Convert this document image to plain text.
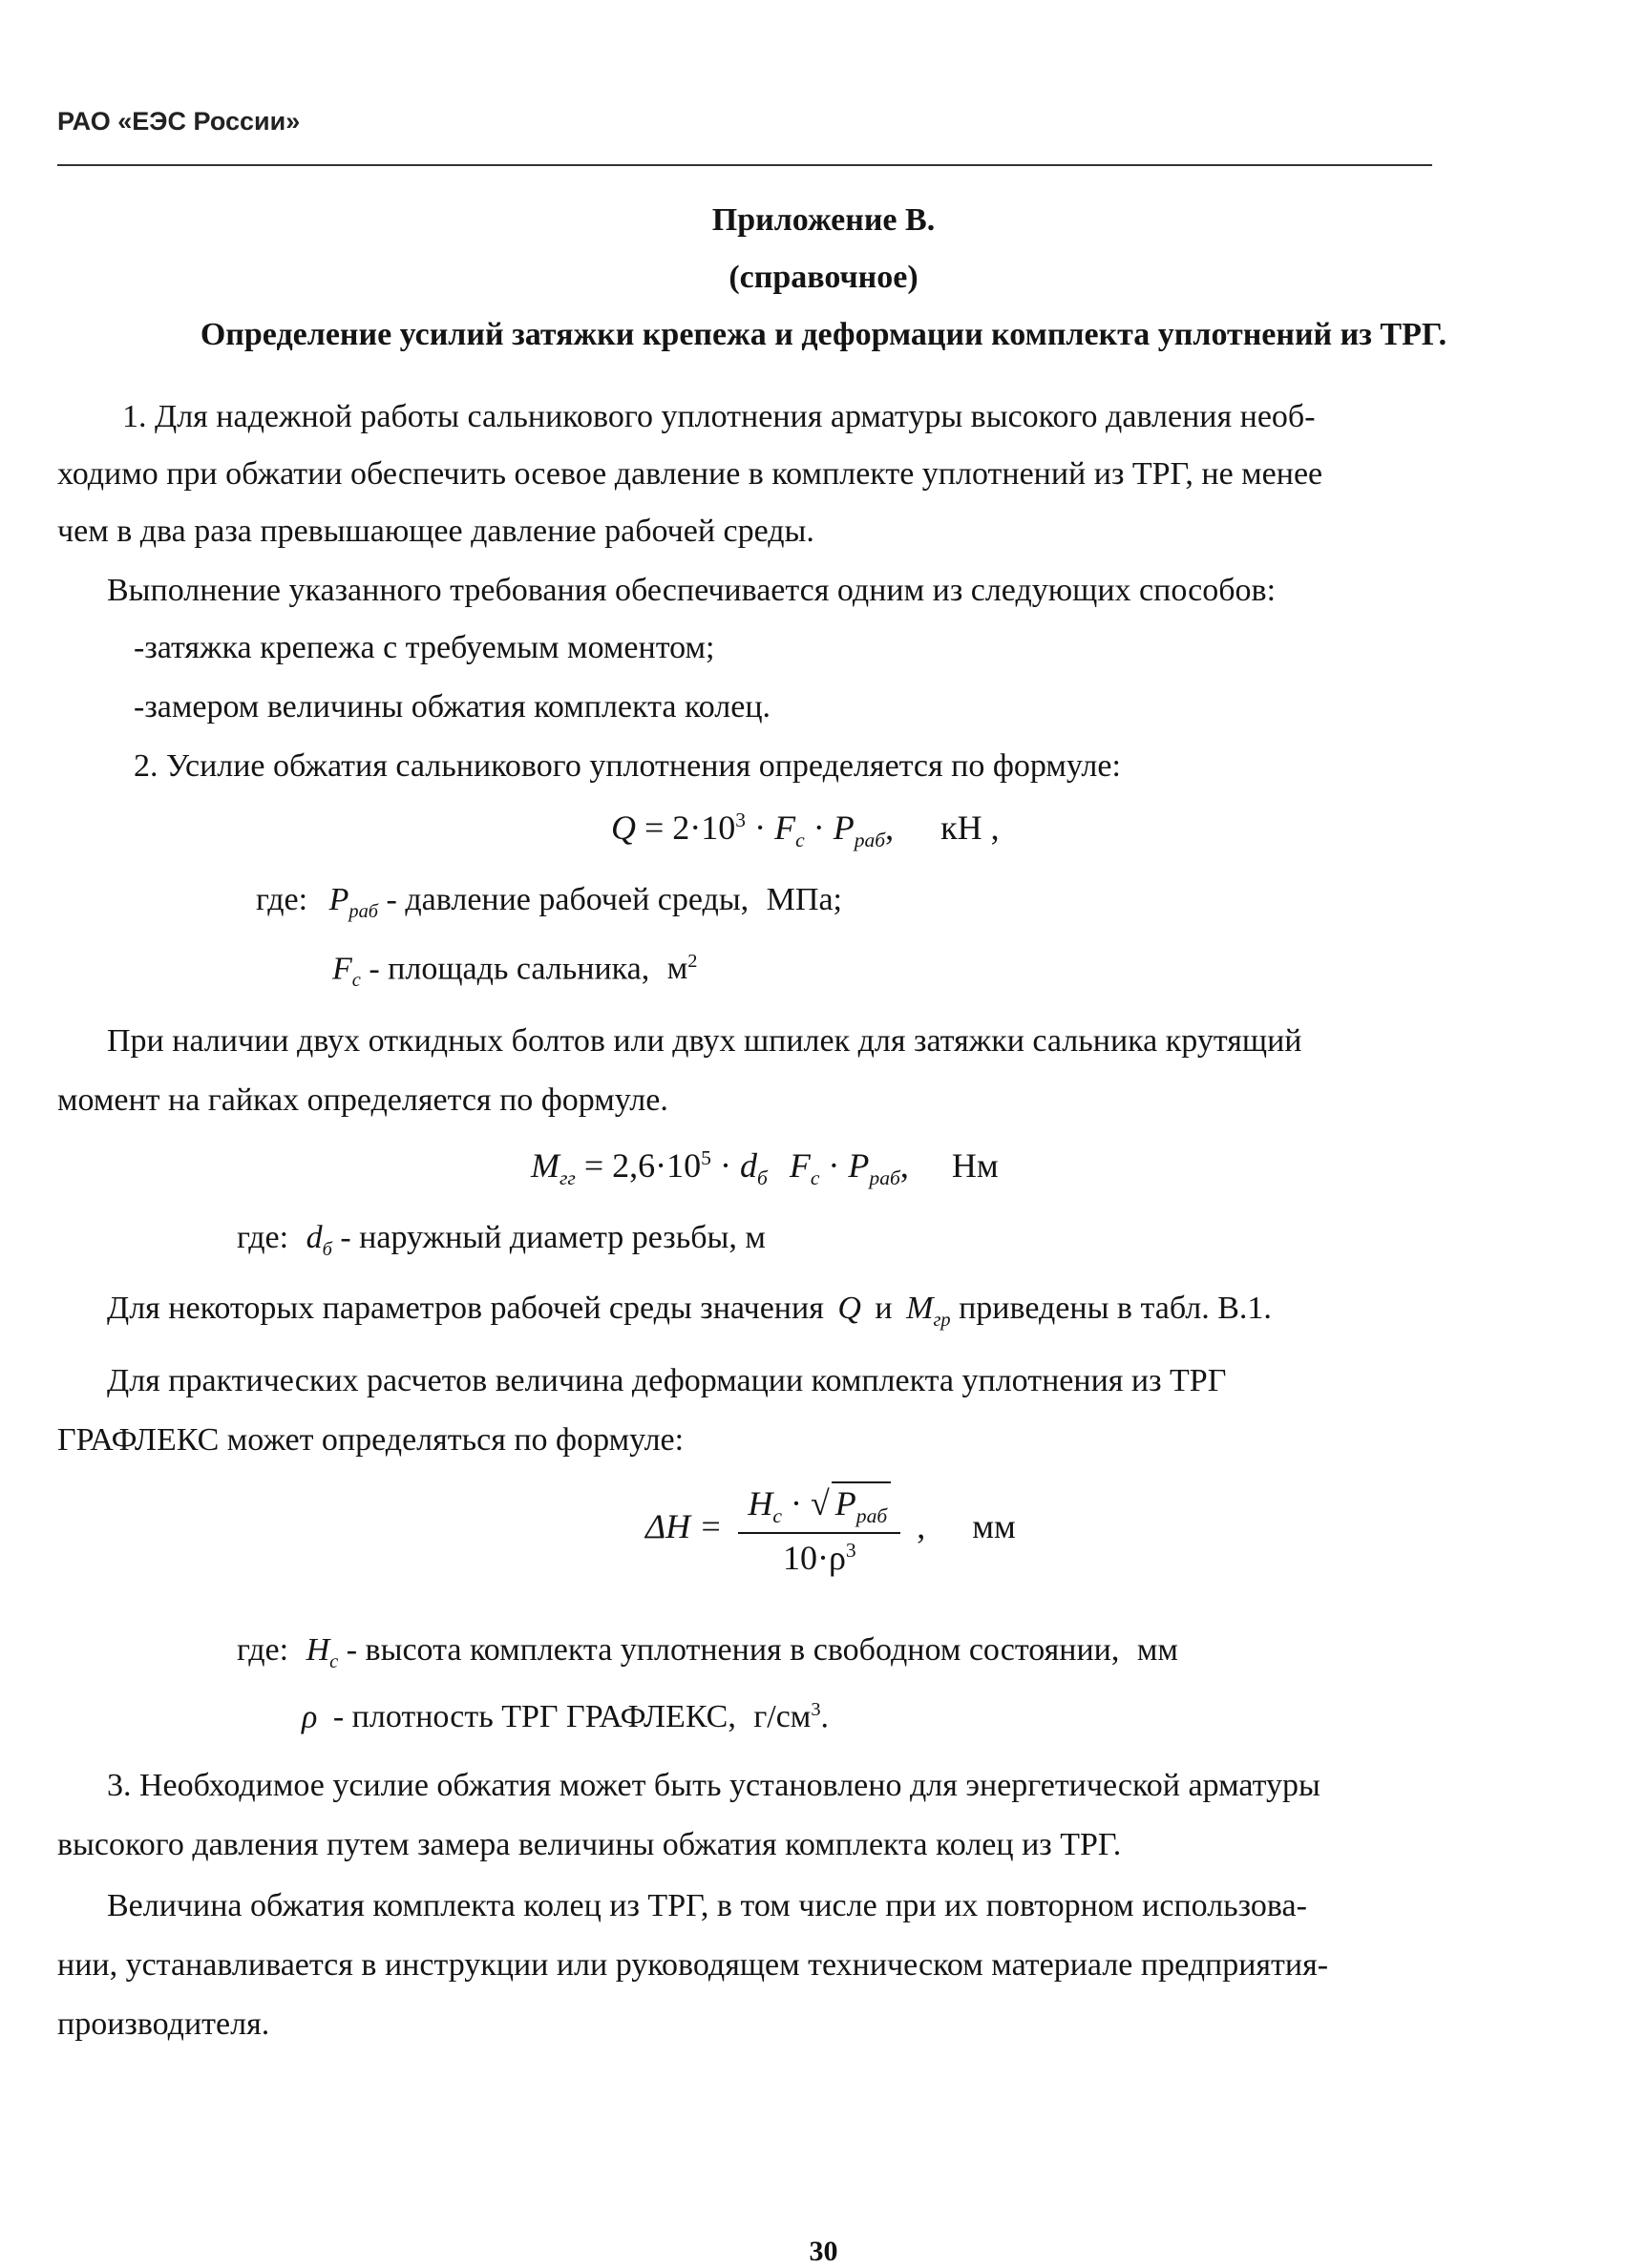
РАО «ЕЭС России»
Приложение В.
(справочное)
Определение усилий затяжки крепежа и деформации комплекта уплотнений из ТРГ.
1. Для надежной работы сальникового уплотнения арматуры высокого давления необ-
ходимо при обжатии обеспечить осевое давление в комплекте уплотнений из ТРГ, не менее
чем в два раза превышающее давление рабочей среды.
Выполнение указанного требования обеспечивается одним из следующих способов:
-затяжка крепежа с требуемым моментом;
-замером величины обжатия комплекта колец.
2. Усилие обжатия сальникового уплотнения определяется по формуле:
$Q = 2\cdot 10^3 \cdot F_c \cdot P_{раб}$, кН ,
где: $P_{раб}$ - давление рабочей среды, МПа;
$F_c$ - площадь сальника, $м^2$
При наличии двух откидных болтов или двух шпилек для затяжки сальника крутящий
момент на гайках определяется по формуле.
$M_{гг} = 2,6\cdot 10^5 \cdot d_б$ $F_c \cdot P_{раб}$, Нм
где: $d_б$ - наружный диаметр резьбы, м
Для некоторых параметров рабочей среды значения Q и $M_{гр}$ приведены в табл. В.1.
Для практических расчетов величина деформации комплекта уплотнения из ТРГ
ГРАФЛЕКС может определяться по формуле:
$\Delta H = \frac{H_c \cdot √ P_{раб}}{10\cdot\rho^3}$ , мм
где: $H_c$ - высота комплекта уплотнения в свободном состоянии, мм
ρ - плотность ТРГ ГРАФЛЕКС, $г/см^3$.
3. Необходимое усилие обжатия может быть установлено для энергетической арматуры
высокого давления путем замера величины обжатия комплекта колец из ТРГ.
Величина обжатия комплекта колец из ТРГ, в том числе при их повторном использова-
нии, устанавливается в инструкции или руководящем техническом материале предприятия-
производителя.
30
